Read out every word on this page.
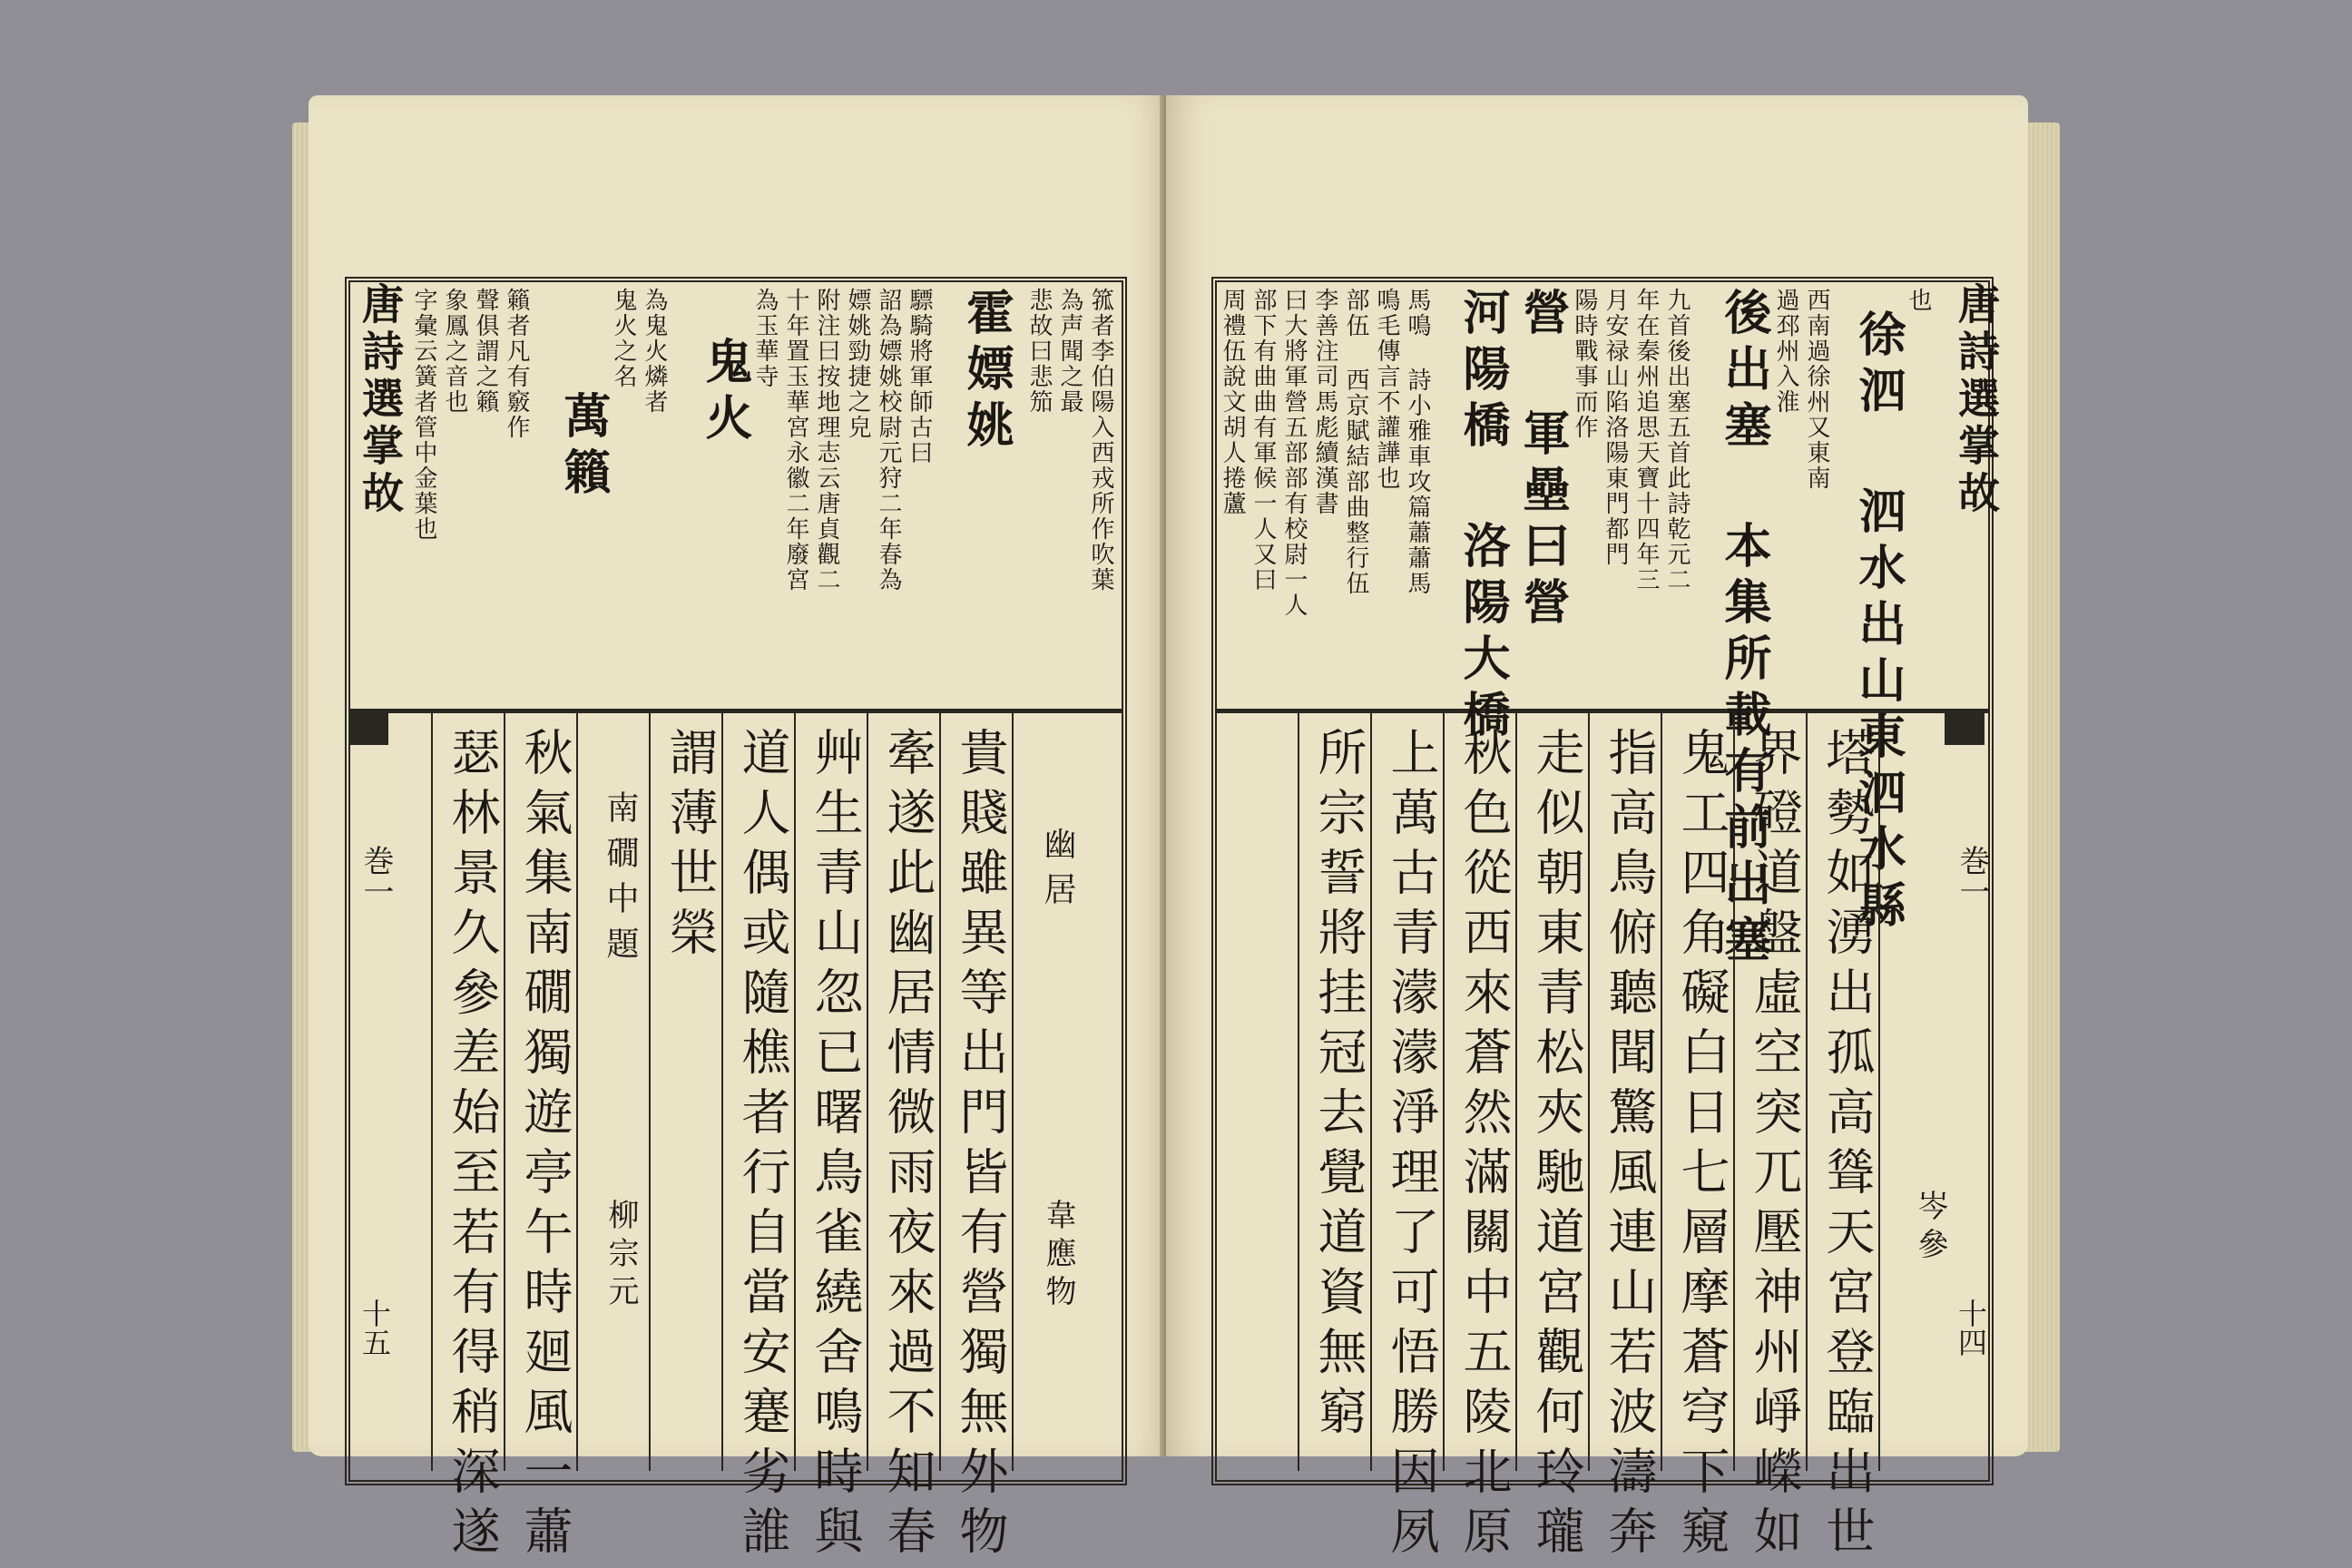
箛者李伯陽入西戎所作吹葉
為声聞之最
悲故曰悲笳
霍嫖姚
驃騎將軍師古曰
詔為嫖姚校尉元狩二年春為
嫖姚勁捷之皃
附注曰按地理志云唐貞觀二
十年置玉華宮永徽二年廢宮
為玉華寺
鬼火
為鬼火燐者
鬼火之名
萬籟
籟者凡有竅作
聲俱謂之籟
象鳳之音也
字彙云簧者管中金葉也
幽居
韋應物
貴賤雖異等出門皆有營獨無外物
牽遂此幽居情微雨夜來過不知春
艸生青山忽已曙鳥雀繞舍鳴時與
道人偶或隨樵者行自當安蹇劣誰
謂薄世榮
南礀中題
柳宗元
秋氣集南礀獨遊亭午時廻風一蕭
瑟林景久參差始至若有得稍深遂
唐詩選掌故
巻一
十五
也
徐泗 泗水出山東泗水縣
西南過徐州又東南
過邳州入淮
後出塞 本集所載有前出塞
九首後出塞五首此詩乾元二
年在秦州追思天寶十四年三
月安禄山陷洛陽東門都門
陽時戰事而作
營 軍壘曰營
河陽橋 洛陽大橋
馬鳴 詩小雅車攻篇蕭蕭馬
鳴毛傳言不讙譁也
部伍 西京賦結部曲整行伍
李善注司馬彪續漢書
曰大將軍營五部部有校尉一人
部下有曲曲有軍候一人又曰
周禮伍說文胡人捲蘆
岑參
塔勢如湧出孤高聳天宮登臨出世
界磴道盤虛空突兀壓神州崢嶸如
鬼工四角礙白日七層摩蒼穹下窺
指高鳥俯聽聞驚風連山若波濤奔
走似朝東青松夾馳道宮觀何玲瓏
秋色從西來蒼然滿關中五陵北原
上萬古青濛濛淨理了可悟勝因夙
所宗誓將挂冠去覺道資無窮
唐詩選掌故
巻一
十四
